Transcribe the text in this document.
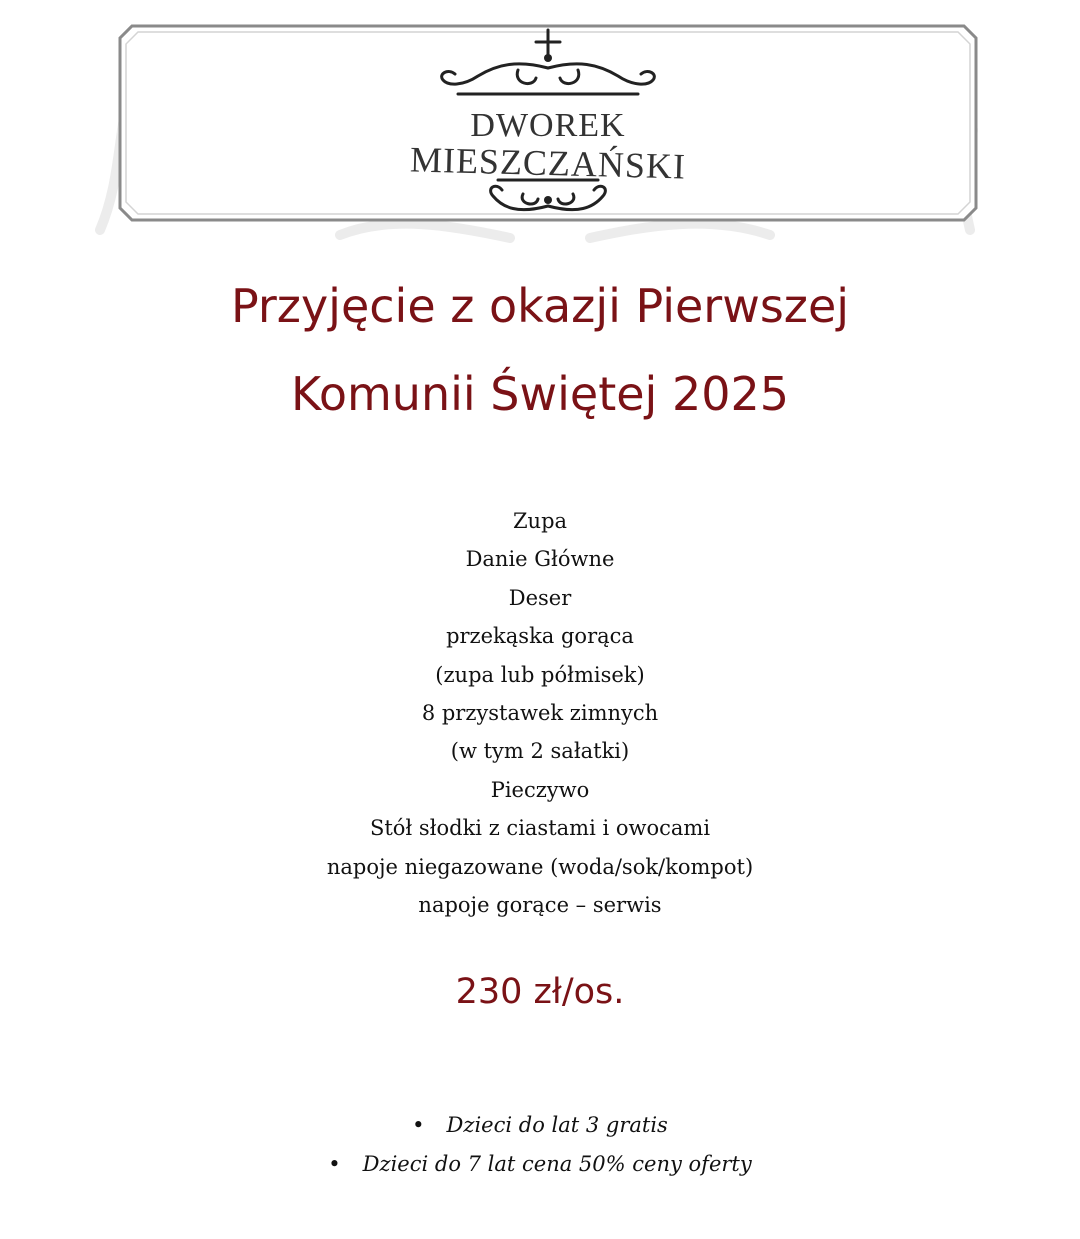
DWOREK
MIESZCZAŃSKI
Przyjęcie z okazji Pierwszej
Komunii Świętej 2025
Zupa
Danie Główne
Deser
przekąska gorąca
(zupa lub półmisek)
8 przystawek zimnych
(w tym 2 sałatki)
Pieczywo
Stół słodki z ciastami i owocami
napoje niegazowane (woda/sok/kompot)
napoje gorące – serwis
230 zł/os.
• Dzieci do lat 3 gratis
• Dzieci do 7 lat cena 50% ceny oferty
